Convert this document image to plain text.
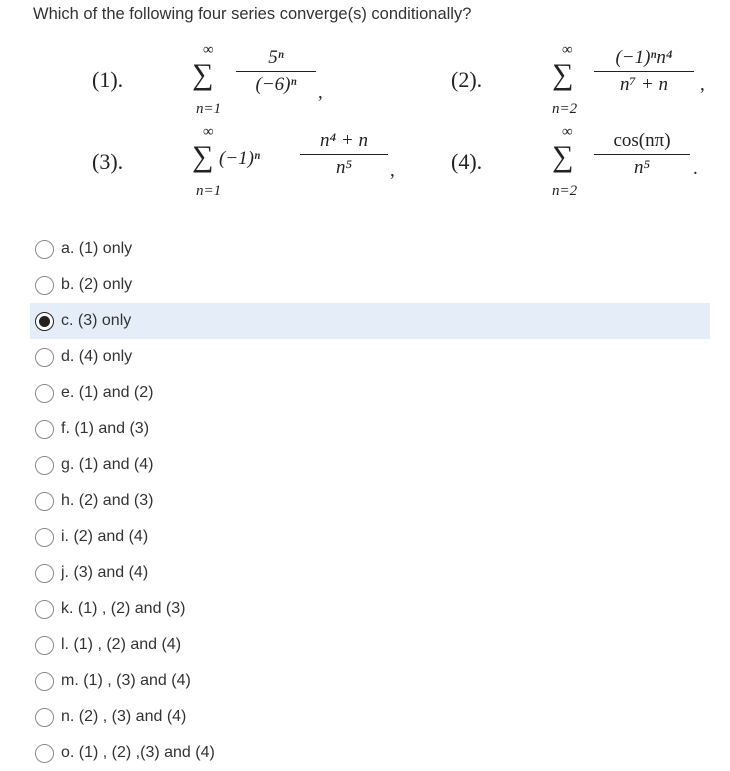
Which of the following four series converge(s) conditionally?
(1).
∞
∑
n=1
5ⁿ
(−6)ⁿ	,
(2).
∞
∑
n=2
(−1)ⁿn⁴
n⁷ + n	,
(3).
∞
∑
n=1
(−1)ⁿ
n⁴ + n
n⁵	,	(4).
∞
∑
n=2
cos(nπ)
n⁵	.
a. (1) only
b. (2) only
c. (3) only
d. (4) only
e. (1) and (2)
f. (1) and (3)
g. (1) and (4)
h. (2) and (3)
i. (2) and (4)
j. (3) and (4)
k. (1) , (2) and (3)
l. (1) , (2) and (4)
m. (1) , (3) and (4)
n. (2) , (3) and (4)
o. (1) , (2) ,(3) and (4)
